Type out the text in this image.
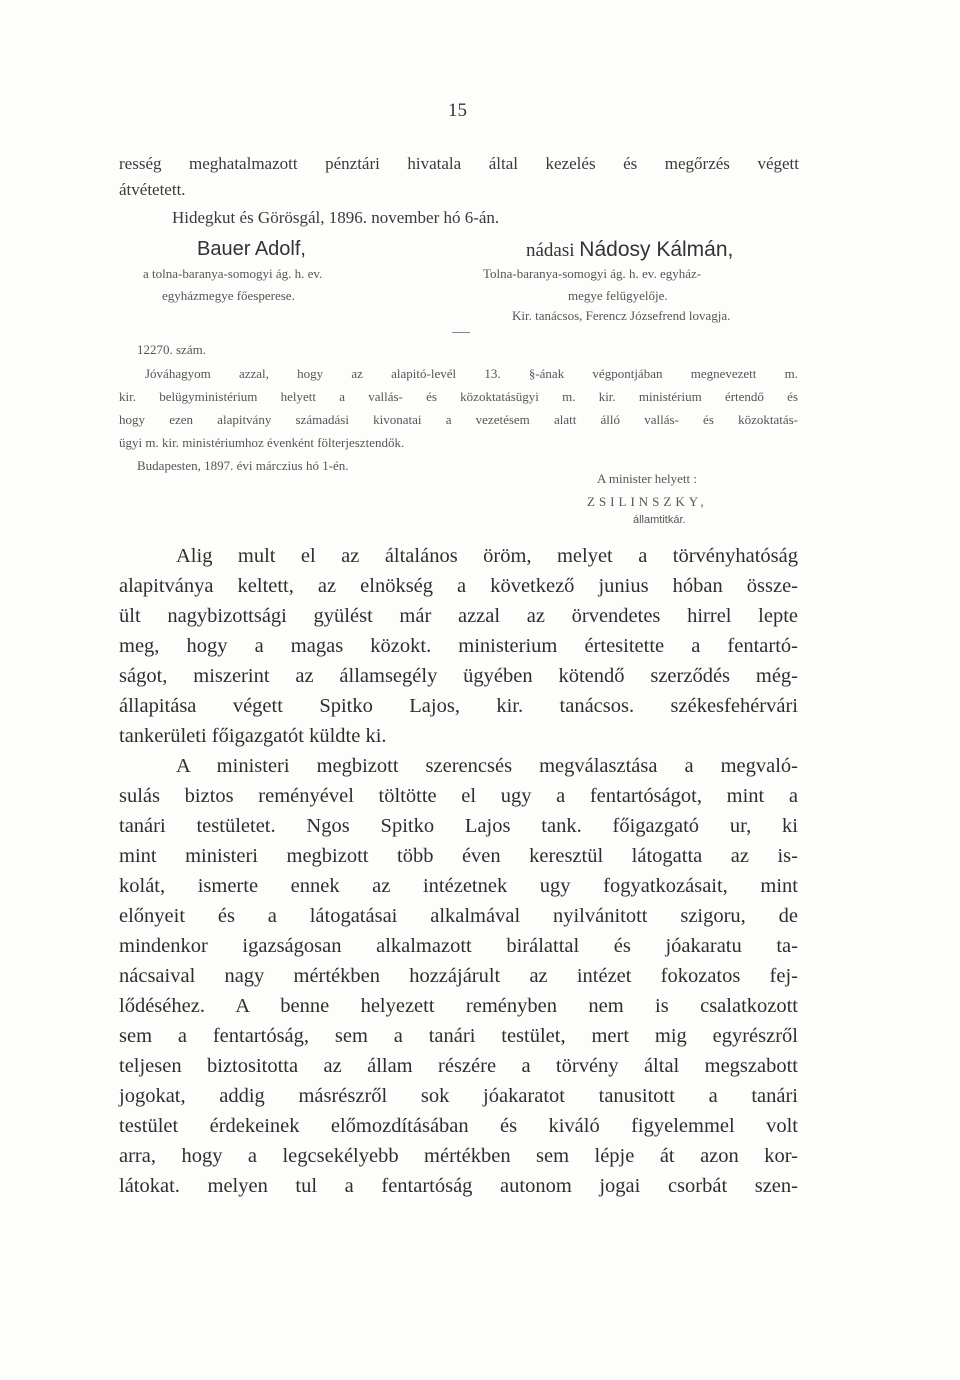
15
resség meghatalmazott pénztári hivatala által kezelés és megőrzés végett
átvétetett.
Hidegkut és Görösgál, 1896. november hó 6-án.
Bauer Adolf,
a tolna-baranya-somogyi ág. h. ev.
egyházmegye főesperese.
nádasi Nádosy Kálmán,
Tolna-baranya-somogyi ág. h. ev. egyház-
megye felügyelője.
Kir. tanácsos, Ferencz Józsefrend lovagja.
12270. szám.
Jóváhagyom azzal, hogy az alapitó-levél 13. §-ának végpontjában megnevezett m.
kir. belügyministérium helyett a vallás- és közoktatásügyi m. kir. ministérium értendő és
hogy ezen alapitvány számadási kivonatai a vezetésem alatt álló vallás- és közoktatás-
ügyi m. kir. ministériumhoz évenként fölterjesztendők.
Budapesten, 1897. évi márczius hó 1-én.
A minister helyett :
ZSILINSZKY,
államtitkár.
Alig mult el az általános öröm, melyet a törvényhatóság
alapitványa keltett, az elnökség a következő junius hóban össze-
ült nagybizottsági gyülést már azzal az örvendetes hirrel lepte
meg, hogy a magas közokt. ministerium értesitette a fentartó-
ságot, miszerint az államsegély ügyében kötendő szerződés még-
állapitása végett Spitko Lajos, kir. tanácsos. székesfehérvári
tankerületi főigazgatót küldte ki.
A ministeri megbizott szerencsés megválasztása a megvaló-
sulás biztos reményével töltötte el ugy a fentartóságot, mint a
tanári testületet. Ngos Spitko Lajos tank. főigazgató ur, ki
mint ministeri megbizott több éven keresztül látogatta az is-
kolát, ismerte ennek az intézetnek ugy fogyatkozásait, mint
előnyeit és a látogatásai alkalmával nyilvánitott szigoru, de
mindenkor igazságosan alkalmazott birálattal és jóakaratu ta-
nácsaival nagy mértékben hozzájárult az intézet fokozatos fej-
lődéséhez. A benne helyezett reményben nem is csalatkozott
sem a fentartóság, sem a tanári testület, mert mig egyrészről
teljesen biztositotta az állam részére a törvény által megszabott
jogokat, addig másrészről sok jóakaratot tanusitott a tanári
testület érdekeinek előmozdításában és kiváló figyelemmel volt
arra, hogy a legcsekélyebb mértékben sem lépje át azon kor-
látokat. melyen tul a fentartóság autonom jogai csorbát szen-
